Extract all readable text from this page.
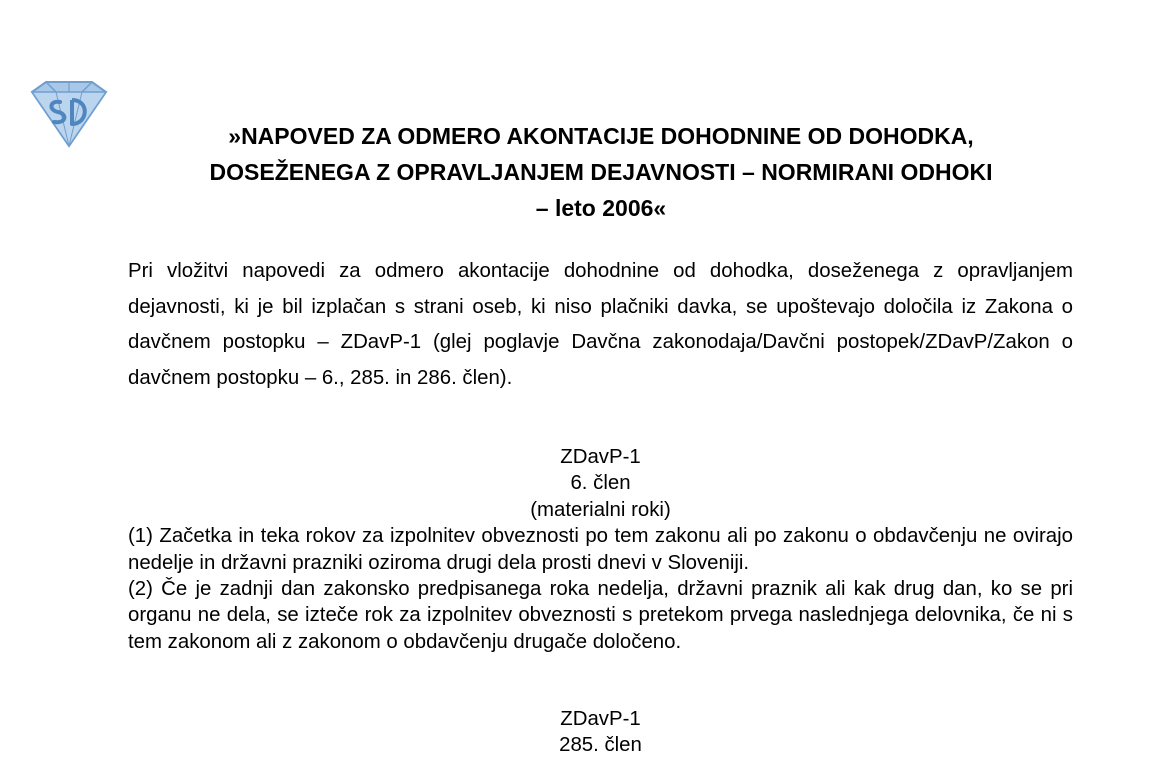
»NAPOVED ZA ODMERO AKONTACIJE DOHODNINE OD DOHODKA,
DOSEŽENEGA Z OPRAVLJANJEM DEJAVNOSTI – NORMIRANI ODHOKI
– leto 2006«

Pri vložitvi napovedi za odmero akontacije dohodnine od dohodka, doseženega z opravljanjem dejavnosti, ki je bil izplačan s strani oseb, ki niso plačniki davka, se upoštevajo določila iz Zakona o davčnem postopku – ZDavP-1 (glej poglavje Davčna zakonodaja/Davčni postopek/ZDavP/Zakon o davčnem postopku – 6., 285. in 286. člen).

ZDavP-1
6. člen
(materialni roki)

(1) Začetka in teka rokov za izpolnitev obveznosti po tem zakonu ali po zakonu o obdavčenju ne ovirajo nedelje in državni prazniki oziroma drugi dela prosti dnevi v Sloveniji.

(2) Če je zadnji dan zakonsko predpisanega roka nedelja, državni praznik ali kak drug dan, ko se pri organu ne dela, se izteče rok za izpolnitev obveznosti s pretekom prvega naslednjega delovnika, če ni s tem zakonom ali z zakonom o obdavčenju drugače določeno.

ZDavP-1
285. člen
